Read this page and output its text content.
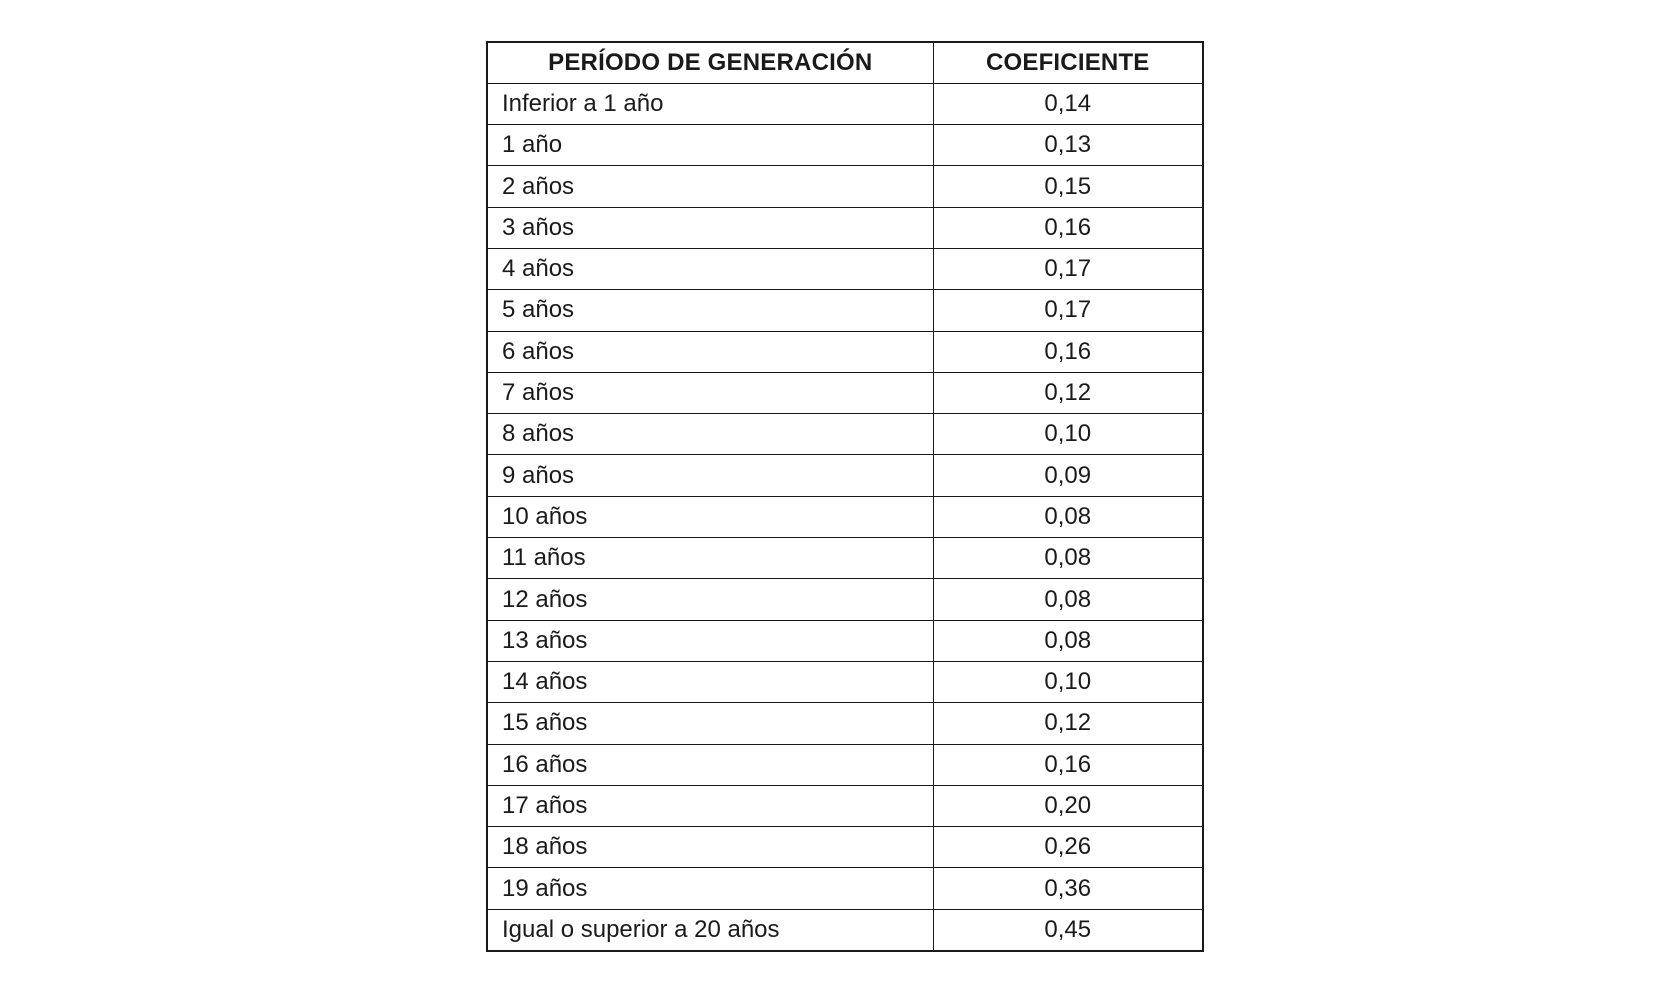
PERÍODO DE GENERACIÓN	COEFICIENTE
Inferior a 1 año	0,14
1 año	0,13
2 años	0,15
3 años	0,16
4 años	0,17
5 años	0,17
6 años	0,16
7 años	0,12
8 años	0,10
9 años	0,09
10 años	0,08
11 años	0,08
12 años	0,08
13 años	0,08
14 años	0,10
15 años	0,12
16 años	0,16
17 años	0,20
18 años	0,26
19 años	0,36
Igual o superior a 20 años	0,45
